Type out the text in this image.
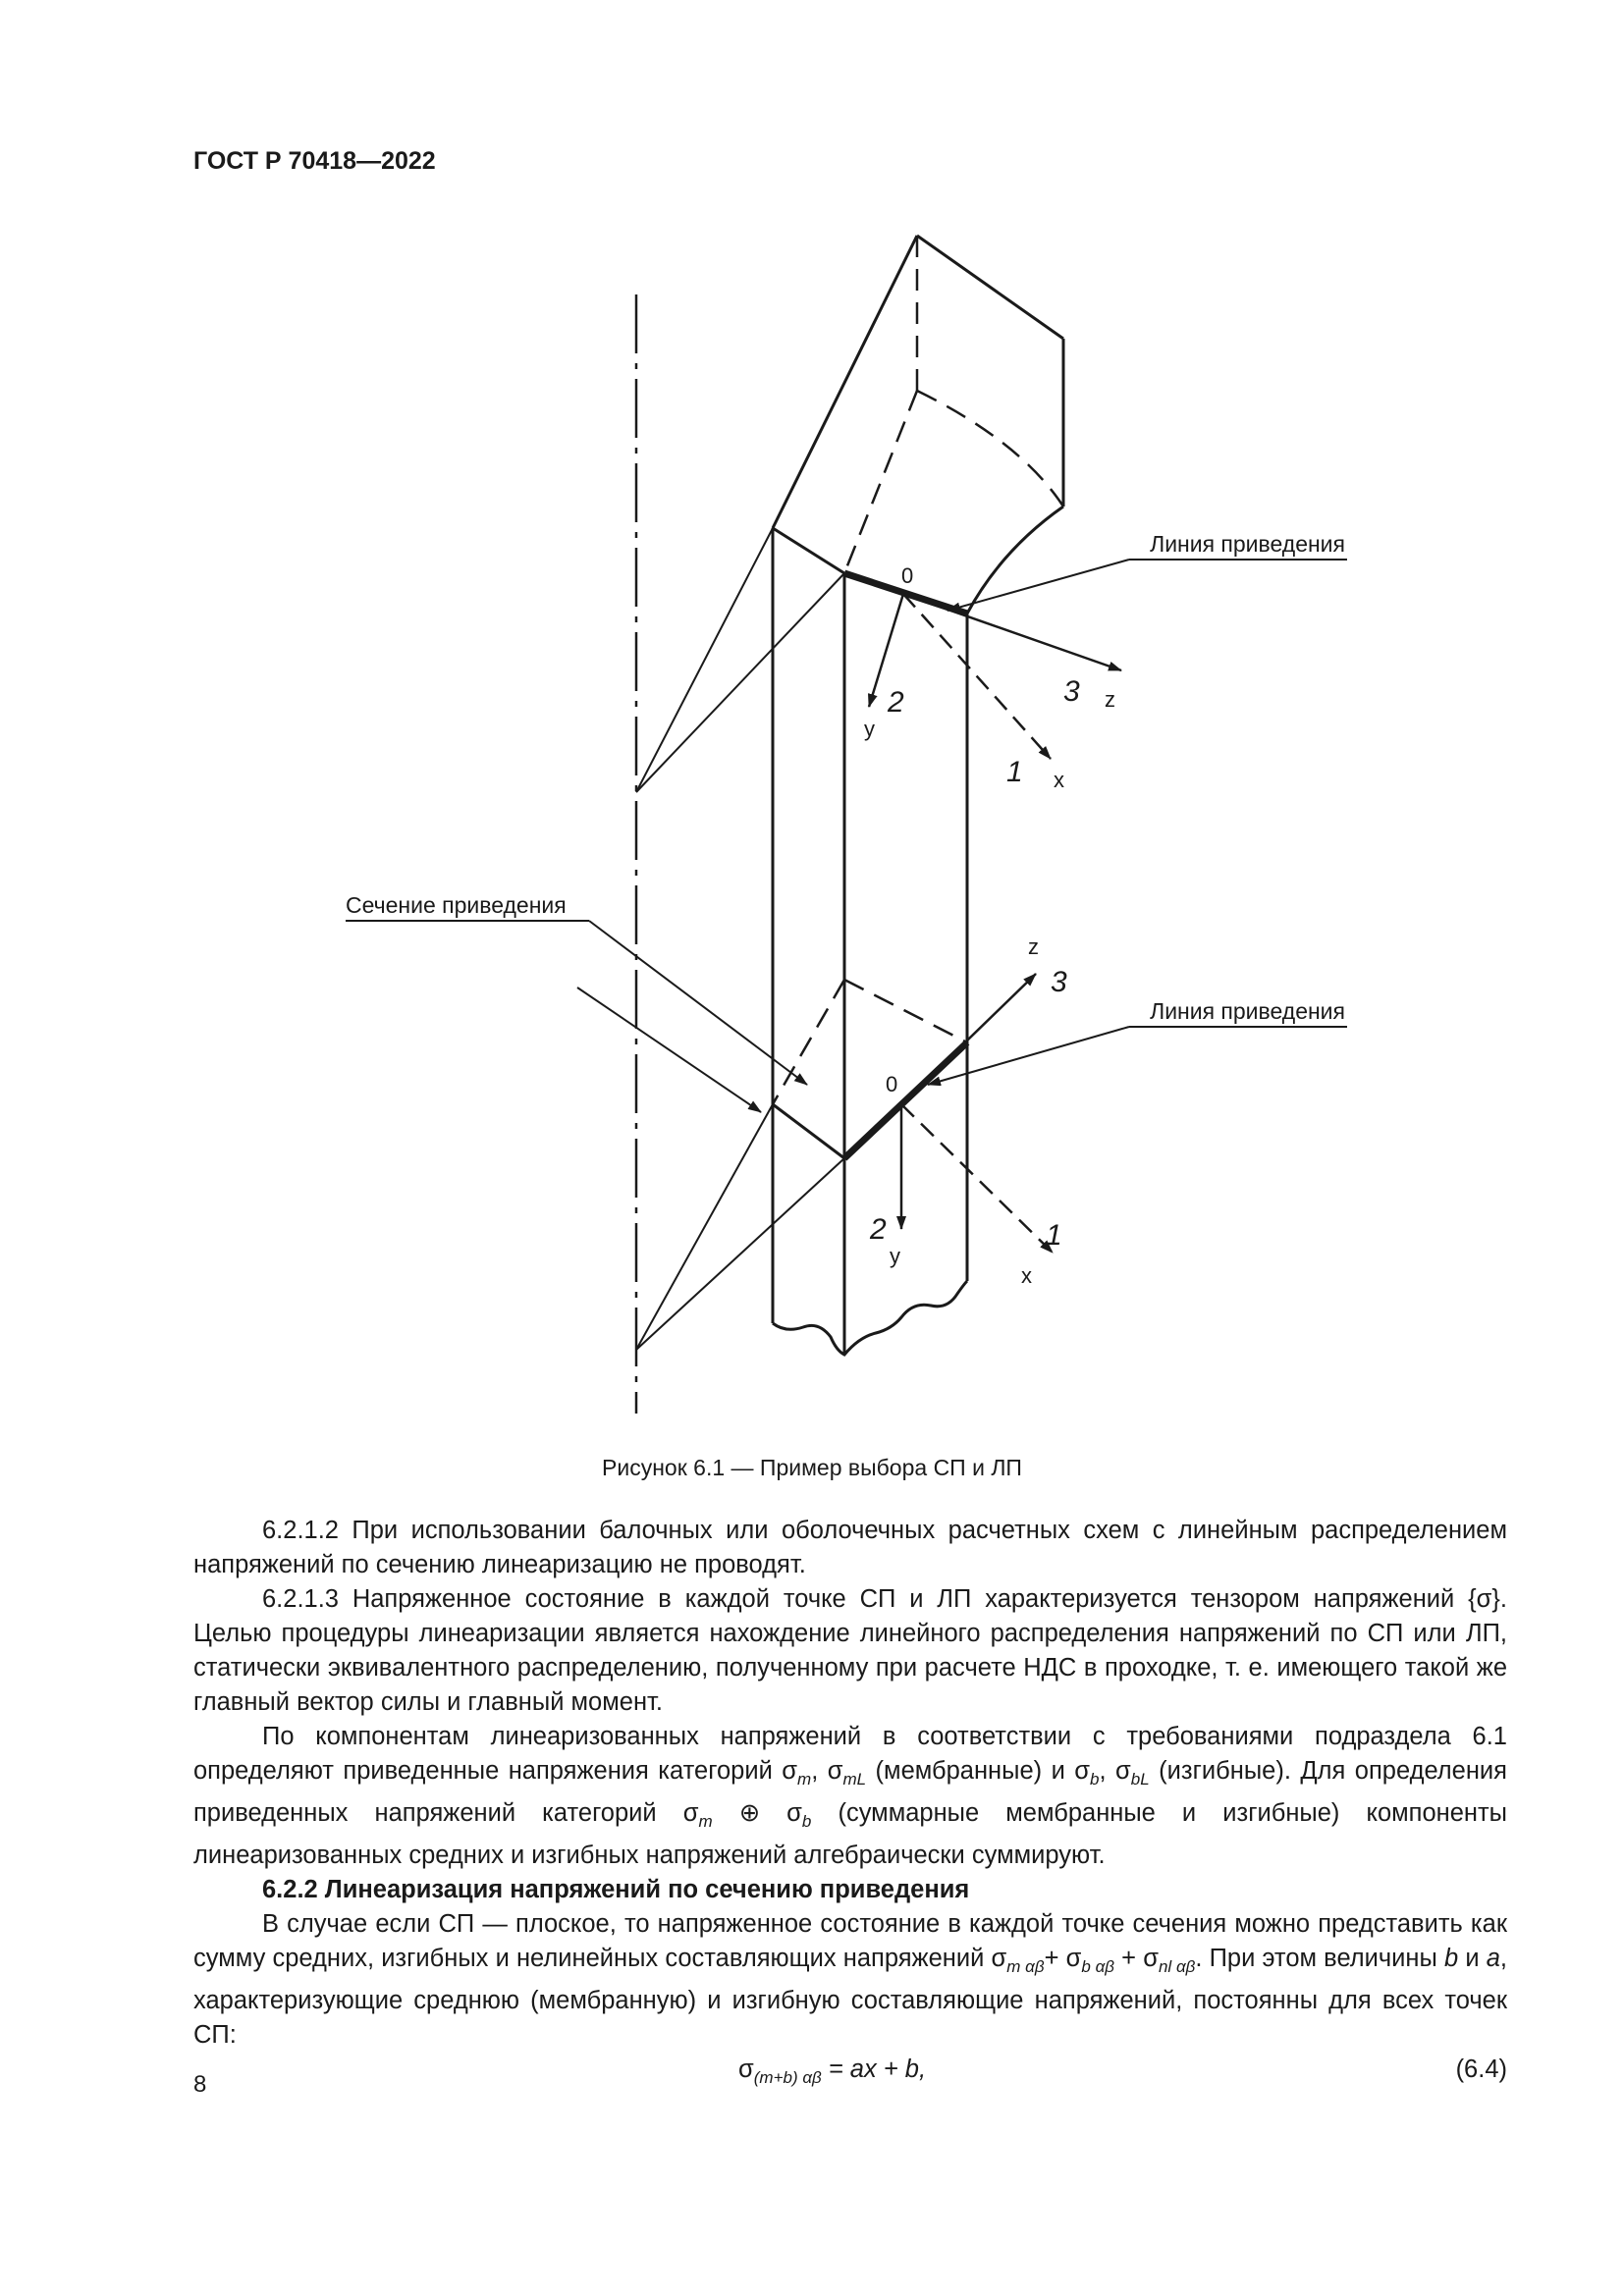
ГОСТ Р 70418—2022
Линия приведения
Линия приведения
Сечение приведения
0
2
y
3 z
1 x
0
2
y
z
3
1
x
Рисунок 6.1 — Пример выбора СП и ЛП

6.2.1.2 При использовании балочных или оболочечных расчетных схем с линейным распределением напряжений по сечению линеаризацию не проводят.

6.2.1.3 Напряженное состояние в каждой точке СП и ЛП характеризуется тензором напряжений {σ}. Целью процедуры линеаризации является нахождение линейного распределения напряжений по СП или ЛП, статически эквивалентного распределению, полученному при расчете НДС в проходке, т. е. имеющего такой же главный вектор силы и главный момент.

По компонентам линеаризованных напряжений в соответствии с требованиями подраздела 6.1 определяют приведенные напряжения категорий $\sigma_m$, $\sigma_{mL}$ (мембранные) и $\sigma_b$, $\sigma_{bL}$ (изгибные). Для определения приведенных напряжений категорий $\sigma_m$ ⊕ $\sigma_b$ (суммарные мембранные и изгибные) компоненты линеаризованных средних и изгибных напряжений алгебраически суммируют.

6.2.2 Линеаризация напряжений по сечению приведения

В случае если СП — плоское, то напряженное состояние в каждой точке сечения можно представить как сумму средних, изгибных и нелинейных составляющих напряжений $\sigma_{m \alpha\beta}+ \sigma_{b \alpha\beta} + \sigma_{nl \alpha\beta}$. При этом величины b и a, характеризующие среднюю (мембранную) и изгибную составляющие напряжений, постоянны для всех точек СП:

$\sigma_{(m+b) \alpha\beta}$ = ax + b,	(6.4)
8
